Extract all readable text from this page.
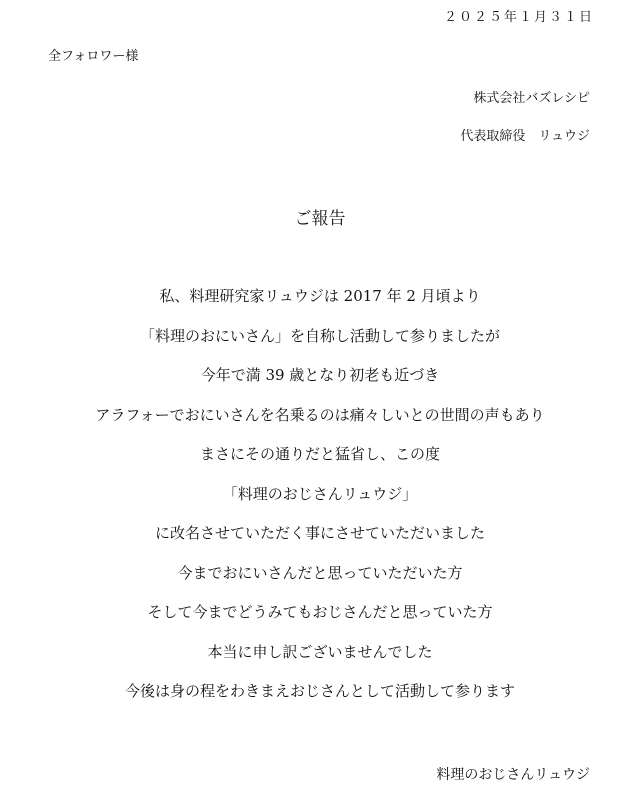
２０２５年１月３１日
全フォロワー様
株式会社バズレシピ
代表取締役　リュウジ
ご報告
私、料理研究家リュウジは 2017 年 2 月頃より
「料理のおにいさん」を自称し活動して参りましたが
今年で満 39 歳となり初老も近づき
アラフォーでおにいさんを名乗るのは痛々しいとの世間の声もあり
まさにその通りだと猛省し、この度
「料理のおじさんリュウジ」
に改名させていただく事にさせていただいました
今までおにいさんだと思っていただいた方
そして今までどうみてもおじさんだと思っていた方
本当に申し訳ございませんでした
今後は身の程をわきまえおじさんとして活動して参ります
料理のおじさんリュウジ
